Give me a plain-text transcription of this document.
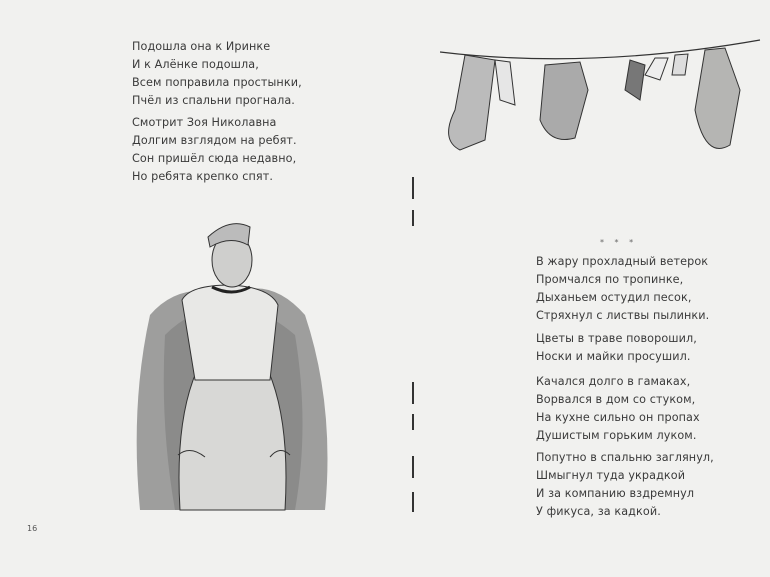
Подошла она к Иринке
И к Алёнке подошла,
Всем поправила простынки,
Пчёл из спальни прогнала.
Смотрит Зоя Николавна
Долгим взглядом на ребят.
Сон пришёл сюда недавно,
Но ребята крепко спят.
16
* * *
В жару прохладный ветерок
Промчался по тропинке,
Дыханьем остудил песок,
Стряхнул с листвы пылинки.
Цветы в траве поворошил,
Носки и майки просушил.
Качался долго в гамаках,
Ворвался в дом со стуком,
На кухне сильно он пропах
Душистым горьким луком.
Попутно в спальню заглянул,
Шмыгнул туда украдкой
И за компанию вздремнул
У фикуса, за кадкой.
